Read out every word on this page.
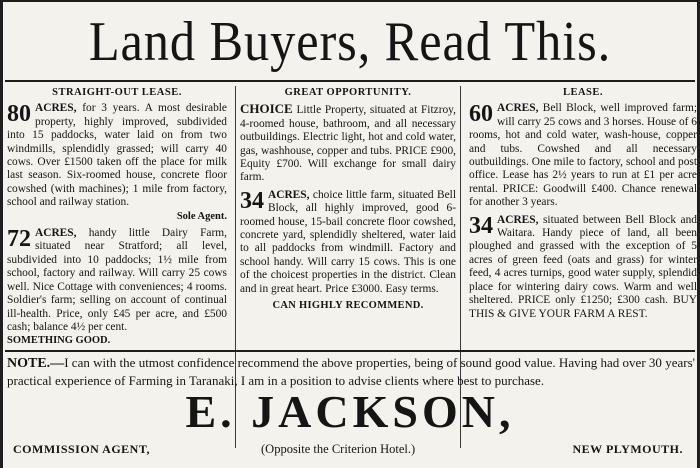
Land Buyers, Read This.
STRAIGHT-OUT LEASE.

80 ACRES, for 3 years. A most desirable property, highly improved, subdivided into 15 paddocks, water laid on from two windmills, splendidly grassed; will carry 40 cows. Over £1500 taken off the place for milk last season. Six-roomed house, concrete floor cowshed (with machines); 1 mile from factory, school and railway station.

Sole Agent.

72 ACRES, handy little Dairy Farm, situated near Stratford; all level, subdivided into 10 paddocks; 1½ mile from school, factory and railway. Will carry 25 cows well. Nice Cottage with conveniences; 4 rooms. Soldier's farm; selling on account of continual ill-health. Price, only £45 per acre, and £500 cash; balance 4½ per cent.

SOMETHING GOOD.
GREAT OPPORTUNITY.

CHOICE Little Property, situated at Fitzroy, 4-roomed house, bathroom, and all necessary outbuildings. Electric light, hot and cold water, gas, washhouse, copper and tubs. PRICE £900, Equity £700. Will exchange for small dairy farm.

34 ACRES, choice little farm, situated Bell Block, all highly improved, good 6-roomed house, 15-bail concrete floor cowshed, concrete yard, splendidly sheltered, water laid to all paddocks from windmill. Factory and school handy. Will carry 15 cows. This is one of the choicest properties in the district. Clean and in great heart. Price £3000. Easy terms.

CAN HIGHLY RECOMMEND.
LEASE.

60 ACRES, Bell Block, well improved farm; will carry 25 cows and 3 horses. House of 6 rooms, hot and cold water, wash-house, copper and tubs. Cowshed and all necessary outbuildings. One mile to factory, school and post office. Lease has 2½ years to run at £1 per acre rental. PRICE: Goodwill £400. Chance renewal for another 3 years.

34 ACRES, situated between Bell Block and Waitara. Handy piece of land, all been ploughed and grassed with the exception of 5 acres of green feed (oats and grass) for winter feed, 4 acres turnips, good water supply, splendid place for wintering dairy cows. Warm and well sheltered. PRICE only £1250; £300 cash. BUY THIS & GIVE YOUR FARM A REST.

NOTE.—I can with the utmost confidence recommend the above properties, being of sound good value. Having had over 30 years' practical experience of Farming in Taranaki, I am in a position to advise clients where best to purchase.
E. JACKSON,
COMMISSION AGENT,	(Opposite the Criterion Hotel.)	NEW PLYMOUTH.
